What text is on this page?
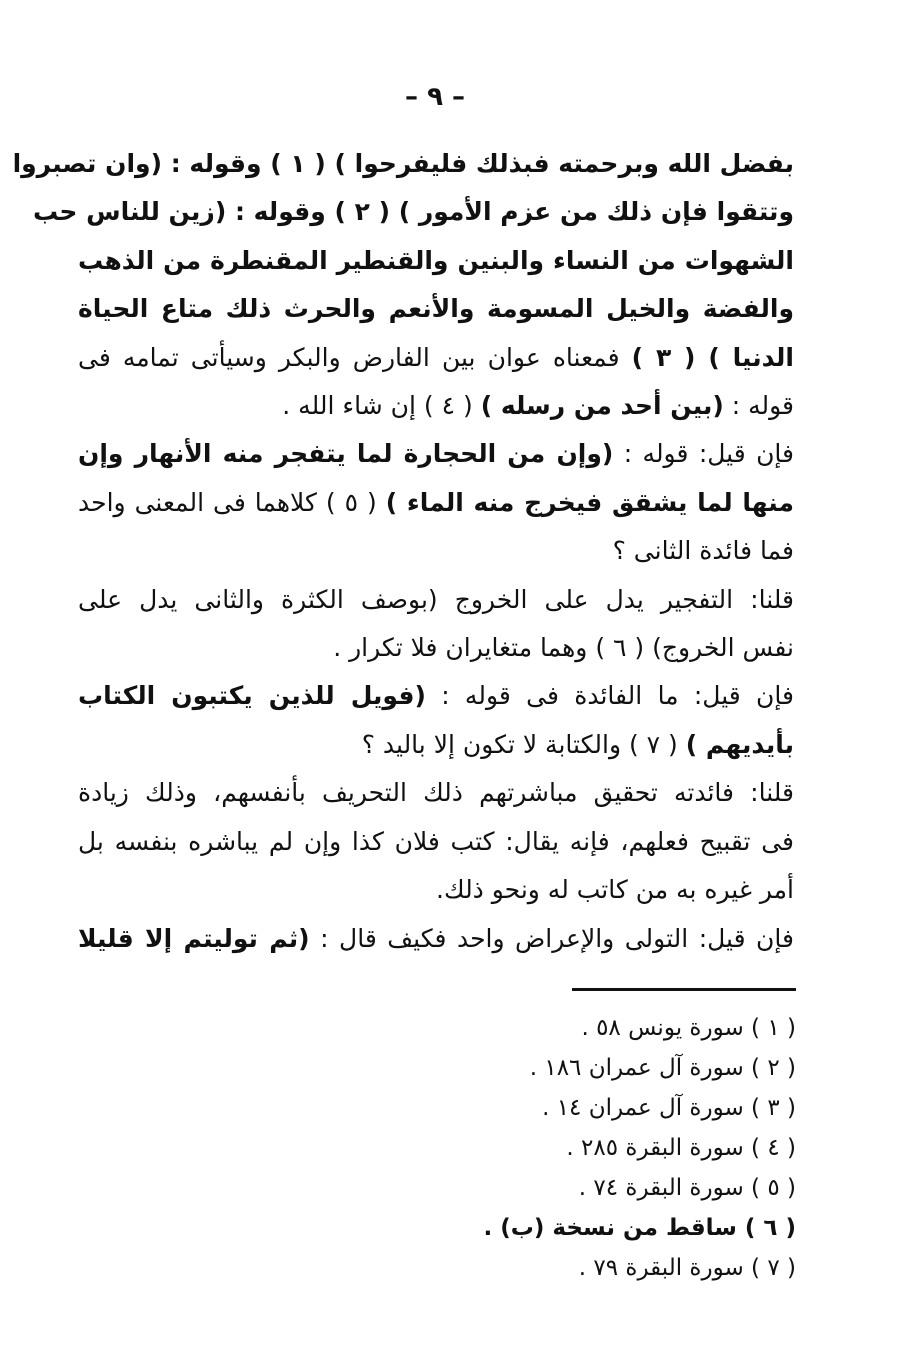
– ٩ –

بفضل الله وبرحمته فبذلك فليفرحوا ) ( ١ ) وقوله : (وان تصبروا
وتتقوا فإن ذلك من عزم الأمور ) ( ٢ ) وقوله : (زين للناس حب
الشهوات من النساء والبنين والقنطير المقنطرة من الذهب
والفضة والخيل المسومة والأنعم والحرث ذلك متاع الحياة
الدنيا ) ( ٣ ) فمعناه عوان بين الفارض والبكر وسيأتى تمامه فى
قوله : (بين أحد من رسله ) ( ٤ ) إن شاء الله .

فإن قيل: قوله : (وإن من الحجارة لما يتفجر منه الأنهار وإن
منها لما يشقق فيخرج منه الماء ) ( ٥ ) كلاهما فى المعنى واحد
فما فائدة الثانى ؟

قلنا: التفجير يدل على الخروج (بوصف الكثرة والثانى يدل على
نفس الخروج) ( ٦ ) وهما متغايران فلا تكرار .

فإن قيل: ما الفائدة فى قوله : (فويل للذين يكتبون الكتاب
بأيديهم ) ( ٧ ) والكتابة لا تكون إلا باليد ؟

قلنا: فائدته تحقيق مباشرتهم ذلك التحريف بأنفسهم، وذلك زيادة
فى تقبيح فعلهم، فإنه يقال: كتب فلان كذا وإن لم يباشره بنفسه بل
أمر غيره به من كاتب له ونحو ذلك.

فإن قيل: التولى والإعراض واحد فكيف قال : (ثم توليتم إلا قليلا

( ١ ) سورة يونس ٥٨ .
( ٢ ) سورة آل عمران ١٨٦ .
( ٣ ) سورة آل عمران ١٤ .
( ٤ ) سورة البقرة ٢٨٥ .
( ٥ ) سورة البقرة ٧٤ .
( ٦ ) ساقط من نسخة (ب) .
( ٧ ) سورة البقرة ٧٩ .
